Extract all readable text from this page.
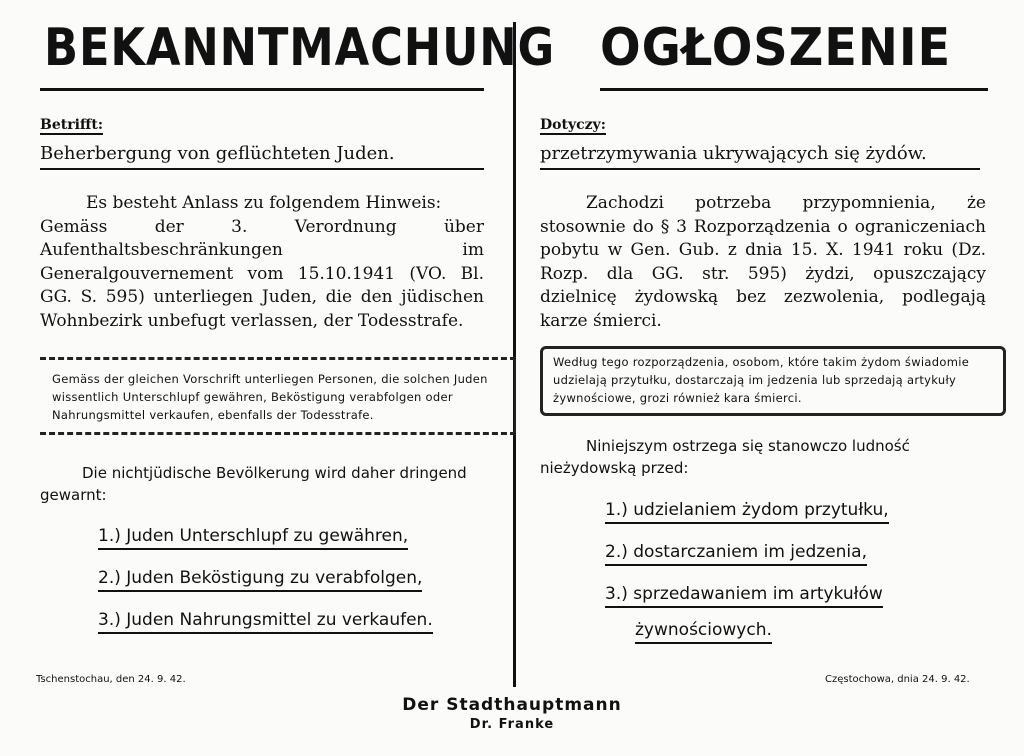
BEKANNTMACHUNG
Betrifft:
Beherbergung von geflüchteten Juden.

Es besteht Anlass zu folgendem Hinweis:

Gemäss der 3. Verordnung über Aufenthaltsbeschränkungen im Generalgouvernement vom 15.10.1941 (VO. Bl. GG. S. 595) unterliegen Juden, die den jüdischen Wohnbezirk unbefugt verlassen, der Todesstrafe.

Gemäss der gleichen Vorschrift unterliegen Personen, die solchen Juden wissentlich Unterschlupf gewähren, Beköstigung verabfolgen oder Nahrungsmittel verkaufen, ebenfalls der Todesstrafe.
Die nichtjüdische Bevölkerung wird daher dringend gewarnt:
1.) Juden Unterschlupf zu gewähren,
2.) Juden Beköstigung zu verabfolgen,
3.) Juden Nahrungsmittel zu verkaufen.
Tschenstochau, den 24. 9. 42.
OGŁOSZENIE
Dotyczy:
przetrzymywania ukrywających się żydów.
Zachodzi potrzeba przypomnienia, że stosownie do § 3 Rozporządzenia o ograniczeniach pobytu w Gen. Gub. z dnia 15. X. 1941 roku (Dz. Rozp. dla GG. str. 595) żydzi, opuszczający dzielnicę żydowską bez zezwolenia, podlegają karze śmierci.
Według tego rozporządzenia, osobom, które takim żydom świadomie udzielają przytułku, dostarczają im jedzenia lub sprzedają artykuły żywnościowe, grozi również kara śmierci.
Niniejszym ostrzega się stanowczo ludność nieżydowską przed:
1.) udzielaniem żydom przytułku,
2.) dostarczaniem im jedzenia,
3.) sprzedawaniem im artykułów
żywnościowych.
Częstochowa, dnia 24. 9. 42.
Der Stadthauptmann
Dr. Franke
